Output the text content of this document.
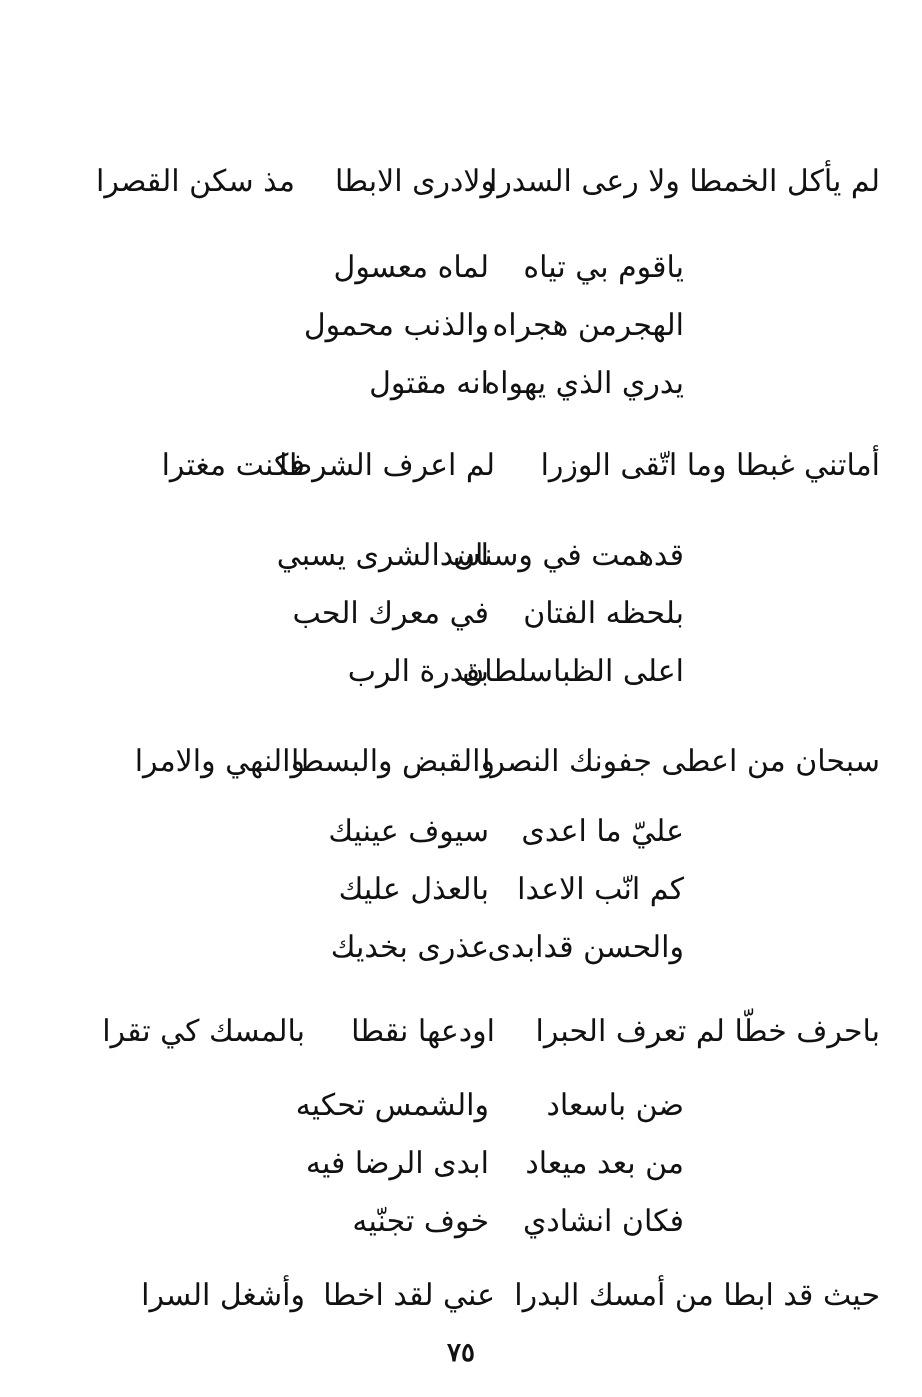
لم يأكل الخمطا ولا رعى السدرا
ولادرى الابطا
مذ سكن القصرا
ياقوم بي تياه
لماه معسول
الهجرمن هجراه
والذنب محمول
يدري الذي يهواه
انه مقتول
أماتني غبطا وما اتّقى الوزرا
لم اعرف الشرطا
فكنت مغترا
قدهمت في وسنان
اسدالشرى يسبي
بلحظه الفتان
في معرك الحب
اعلى الظباسلطان
بقدرة الرب
سبحان من اعطى جفونك النصرا
والقبض والبسطا
والنهي والامرا
عليّ ما اعدى
سيوف عينيك
كم انّب الاعدا
بالعذل عليك
والحسن قدابدى
عذرى بخديك
باحرف خطّا لم تعرف الحبرا
اودعها نقطا
بالمسك كي تقرا
ضن باسعاد
والشمس تحكيه
من بعد ميعاد
ابدى الرضا فيه
فكان انشادي
خوف تجنّيه
حيث قد ابطا من أمسك البدرا
عني لقد اخطا
وأشغل السرا
٧٥
